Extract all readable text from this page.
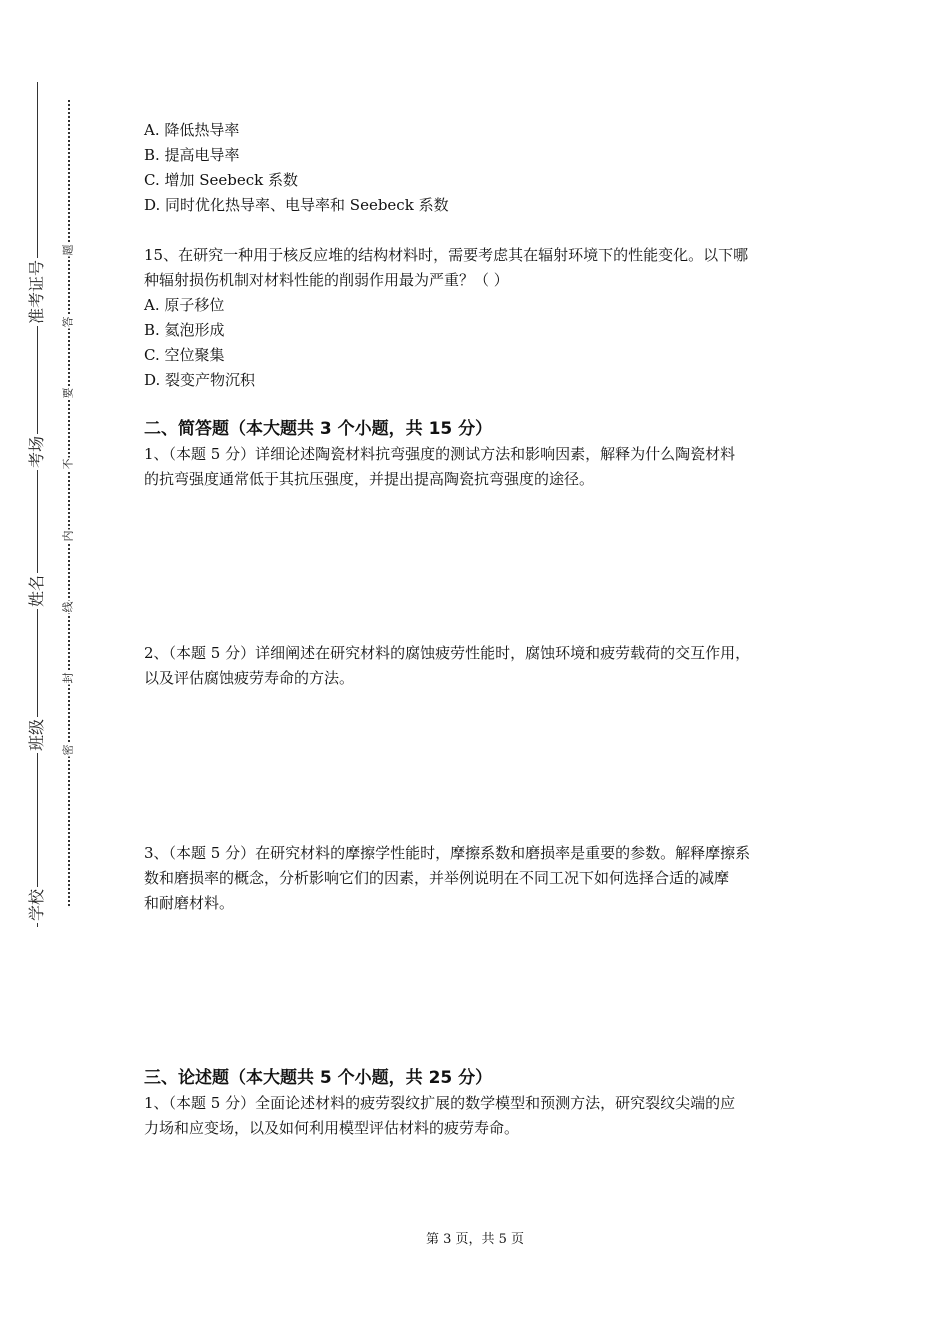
准考证号
考场
姓名
班级
学校
题
答
要
不
内
线
封
密
A. 降低热导率
B. 提高电导率
C. 增加 Seebeck 系数
D. 同时优化热导率、电导率和 Seebeck 系数
15、在研究一种用于核反应堆的结构材料时，需要考虑其在辐射环境下的性能变化。以下哪
种辐射损伤机制对材料性能的削弱作用最为严重？（ ）
A. 原子移位
B. 氦泡形成
C. 空位聚集
D. 裂变产物沉积
二、简答题（本大题共 3 个小题，共 15 分）
1、（本题 5 分）详细论述陶瓷材料抗弯强度的测试方法和影响因素，解释为什么陶瓷材料
的抗弯强度通常低于其抗压强度，并提出提高陶瓷抗弯强度的途径。
2、（本题 5 分）详细阐述在研究材料的腐蚀疲劳性能时，腐蚀环境和疲劳载荷的交互作用，
以及评估腐蚀疲劳寿命的方法。
3、（本题 5 分）在研究材料的摩擦学性能时，摩擦系数和磨损率是重要的参数。解释摩擦系
数和磨损率的概念，分析影响它们的因素，并举例说明在不同工况下如何选择合适的减摩
和耐磨材料。
三、论述题（本大题共 5 个小题，共 25 分）
1、（本题 5 分）全面论述材料的疲劳裂纹扩展的数学模型和预测方法，研究裂纹尖端的应
力场和应变场，以及如何利用模型评估材料的疲劳寿命。
第 3 页，共 5 页
